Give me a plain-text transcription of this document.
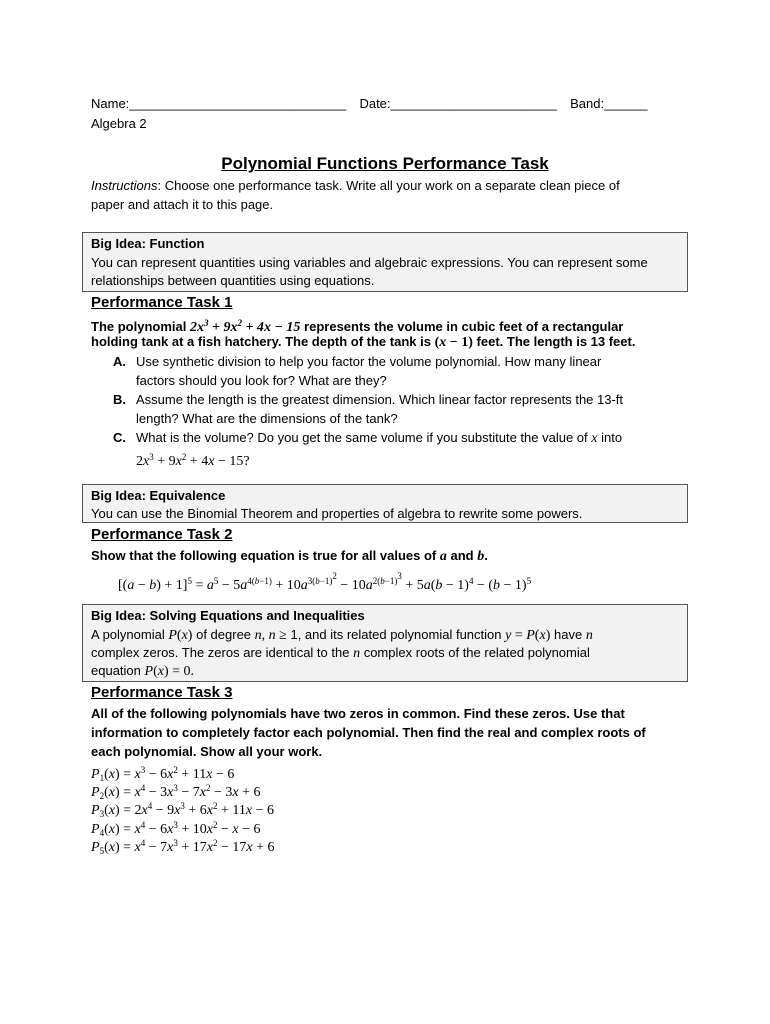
Name:______________________________ Date:_______________________ Band:______
Algebra 2
Polynomial Functions Performance Task
Instructions: Choose one performance task. Write all your work on a separate clean piece of
paper and attach it to this page.
Big Idea: Function
You can represent quantities using variables and algebraic expressions. You can represent some
relationships between quantities using equations.
Performance Task 1
The polynomial $2x^3 + 9x^2 + 4x - 15$ represents the volume in cubic feet of a rectangular
holding tank at a fish hatchery. The depth of the tank is (x − 1) feet. The length is 13 feet.
A. Use synthetic division to help you factor the volume polynomial. How many linear
factors should you look for? What are they?
B. Assume the length is the greatest dimension. Which linear factor represents the 13-ft
length? What are the dimensions of the tank?
C. What is the volume? Do you get the same volume if you substitute the value of x into
$2x^3 + 9x^2 + 4x - 15$?
Big Idea: Equivalence
You can use the Binomial Theorem and properties of algebra to rewrite some powers.
Performance Task 2
Show that the following equation is true for all values of a and b.
$[(a - b) + 1]^5 = a^5 - 5a^{4(b-1)} + 10a^{3(b-1)^2} - 10a^{2(b-1)^3} + 5a(b - 1)^4 - (b - 1)^5$
Big Idea: Solving Equations and Inequalities
A polynomial P(x) of degree n, n ≥ 1, and its related polynomial function y = P(x) have n
complex zeros. The zeros are identical to the n complex roots of the related polynomial
equation P(x) = 0.
Performance Task 3
All of the following polynomials have two zeros in common. Find these zeros. Use that
information to completely factor each polynomial. Then find the real and complex roots of
each polynomial. Show all your work.
$P_1(x) = x^3 - 6x^2 + 11x - 6$
$P_2(x) = x^4 - 3x^3 - 7x^2 - 3x + 6$
$P_3(x) = 2x^4 - 9x^3 + 6x^2 + 11x - 6$
$P_4(x) = x^4 - 6x^3 + 10x^2 - x - 6$
$P_5(x) = x^4 - 7x^3 + 17x^2 - 17x + 6$
